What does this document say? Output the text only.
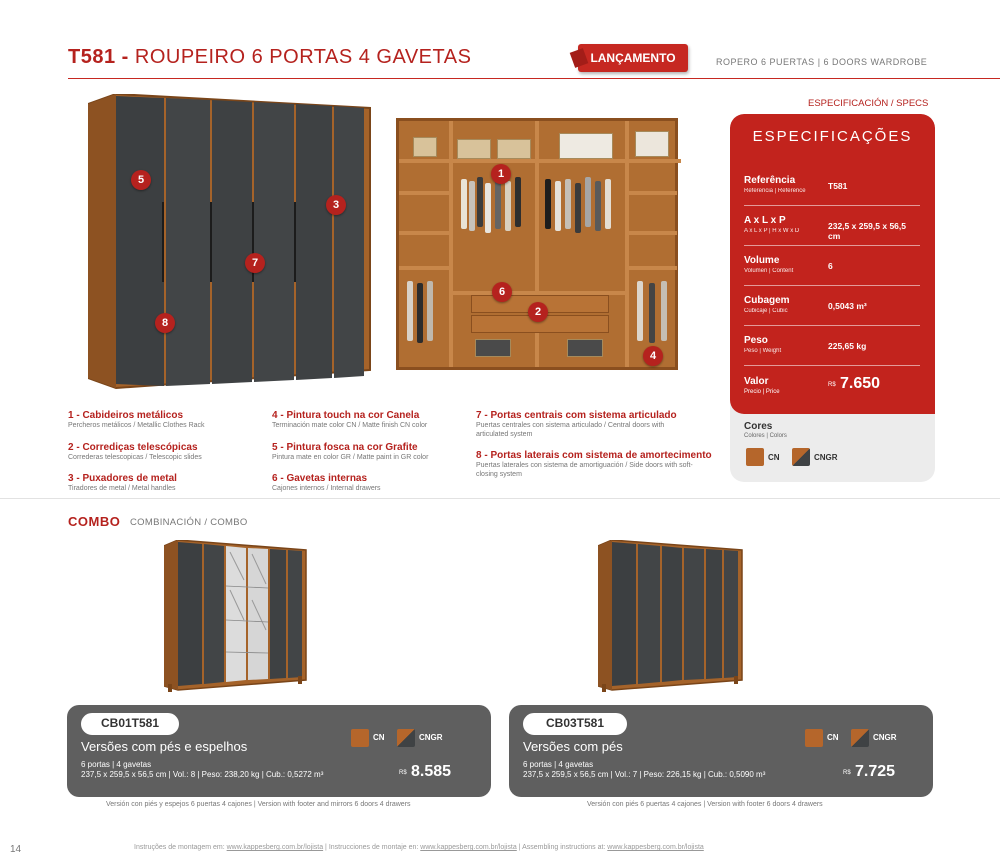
T581 - ROUPEIRO 6 PORTAS 4 GAVETAS	LANÇAMENTO	ROPERO 6 PUERTAS | 6 DOORS WARDROBE
5
3
7
8
1
6
2
4
1 - Cabideiros metálicos
Percheros metálicos / Metallic Clothes Rack
2 - Corrediças telescópicas
Correderas telescopicas / Telescopic slides
3 - Puxadores de metal
Tiradores de metal / Metal handles
4 - Pintura touch na cor Canela
Terminación mate color CN / Matte finish CN color
5 - Pintura fosca na cor Grafite
Pintura mate en color GR / Matte paint in GR color
6 - Gavetas internas
Cajones internos / Internal drawers
7 - Portas centrais com sistema articulado
Puertas centrales con sistema articulado / Central doors with articulated system
8 - Portas laterais com sistema de amortecimento
Puertas laterales con sistema de amortiguación / Side doors with soft-closing system
ESPECIFICACIÓN / SPECS
ESPECIFICAÇÕES
Referência
Referencia | Reference	T581
A x L x P
A x L x P | H x W x D	232,5 x 259,5 x 56,5 cm
Volume
Volumen | Content	6
Cubagem
Cubicaje | Cubic	0,5043 m³
Peso
Peso | Weight	225,65 kg
Valor
Precio | Price
R$ 7.650
Cores
Colores | Colors
CN	CNGR
COMBO COMBINACIÓN / COMBO
CB01T581
Versões com pés e espelhos
6 portas | 4 gavetas
237,5 x 259,5 x 56,5 cm | Vol.: 8 | Peso: 238,20 kg | Cub.: 0,5272 m³
CN	CNGR
R$ 8.585
Versión con piés y espejos 6 puertas 4 cajones | Version with footer and mirrors 6 doors 4 drawers
CB03T581
Versões com pés
6 portas | 4 gavetas
237,5 x 259,5 x 56,5 cm | Vol.: 7 | Peso: 226,15 kg | Cub.: 0,5090 m³
CN	CNGR
R$ 7.725
Versión con piés 6 puertas 4 cajones | Version with footer 6 doors 4 drawers
14	Instruções de montagem em: www.kappesberg.com.br/lojista | Instrucciones de montaje en: www.kappesberg.com.br/lojista | Assembling instructions at: www.kappesberg.com.br/lojista
